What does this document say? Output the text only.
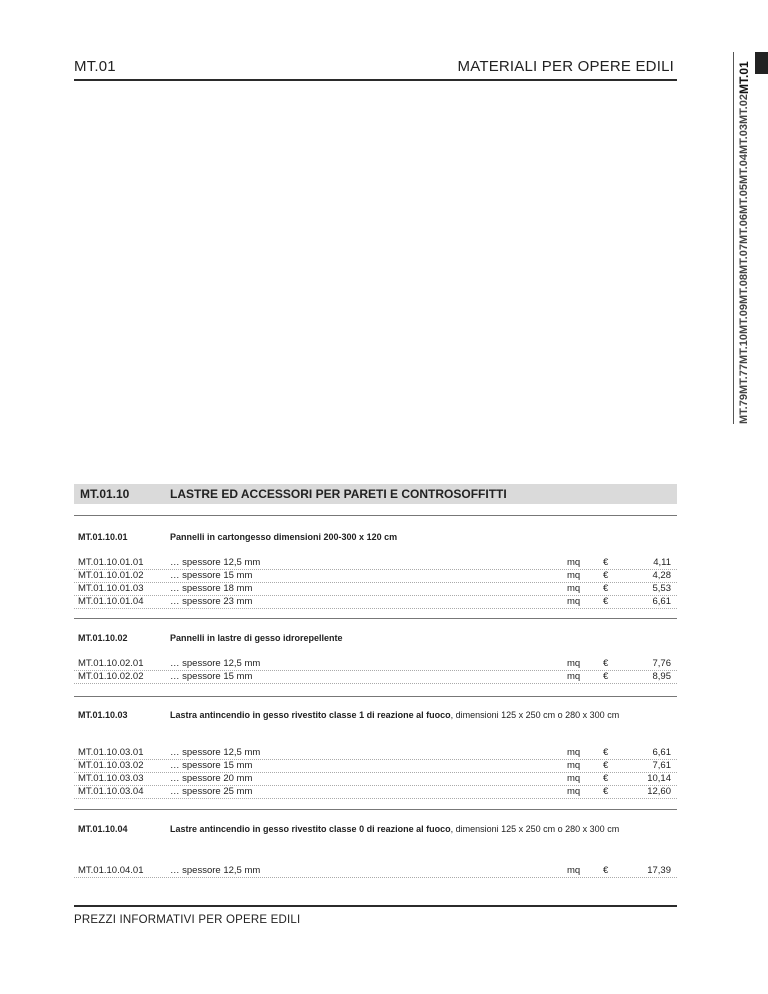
MT.01	MATERIALI PER OPERE EDILI
MT.79
MT.77
MT.10
MT.09
MT.08
MT.07
MT.06
MT.05
MT.04
MT.03
MT.02
MT.01
MT.01.10	LASTRE ED ACCESSORI PER PARETI E CONTROSOFFITTI
MT.01.10.01	Pannelli in cartongesso dimensioni 200-300 x 120 cm
MT.01.10.01.01	… spessore 12,5 mm	mq €	4,11
MT.01.10.01.02	… spessore 15 mm	mq €	4,28
MT.01.10.01.03	… spessore 18 mm	mq €	5,53
MT.01.10.01.04	… spessore 23 mm	mq €	6,61
MT.01.10.02	Pannelli in lastre di gesso idrorepellente
MT.01.10.02.01	… spessore 12,5 mm	mq €	7,76
MT.01.10.02.02	… spessore 15 mm	mq €	8,95
MT.01.10.03	Lastra antincendio in gesso rivestito classe 1 di reazione al fuoco, dimensioni 125 x 250 cm o 280 x 300 cm
MT.01.10.03.01	… spessore 12,5 mm	mq €	6,61
MT.01.10.03.02	… spessore 15 mm	mq €	7,61
MT.01.10.03.03	… spessore 20 mm	mq €	10,14
MT.01.10.03.04	… spessore 25 mm	mq €	12,60
MT.01.10.04	Lastre antincendio in gesso rivestito classe 0 di reazione al fuoco, dimensioni 125 x 250 cm o 280 x 300 cm
MT.01.10.04.01	… spessore 12,5 mm	mq €	17,39
PREZZI INFORMATIVI PER OPERE EDILI
